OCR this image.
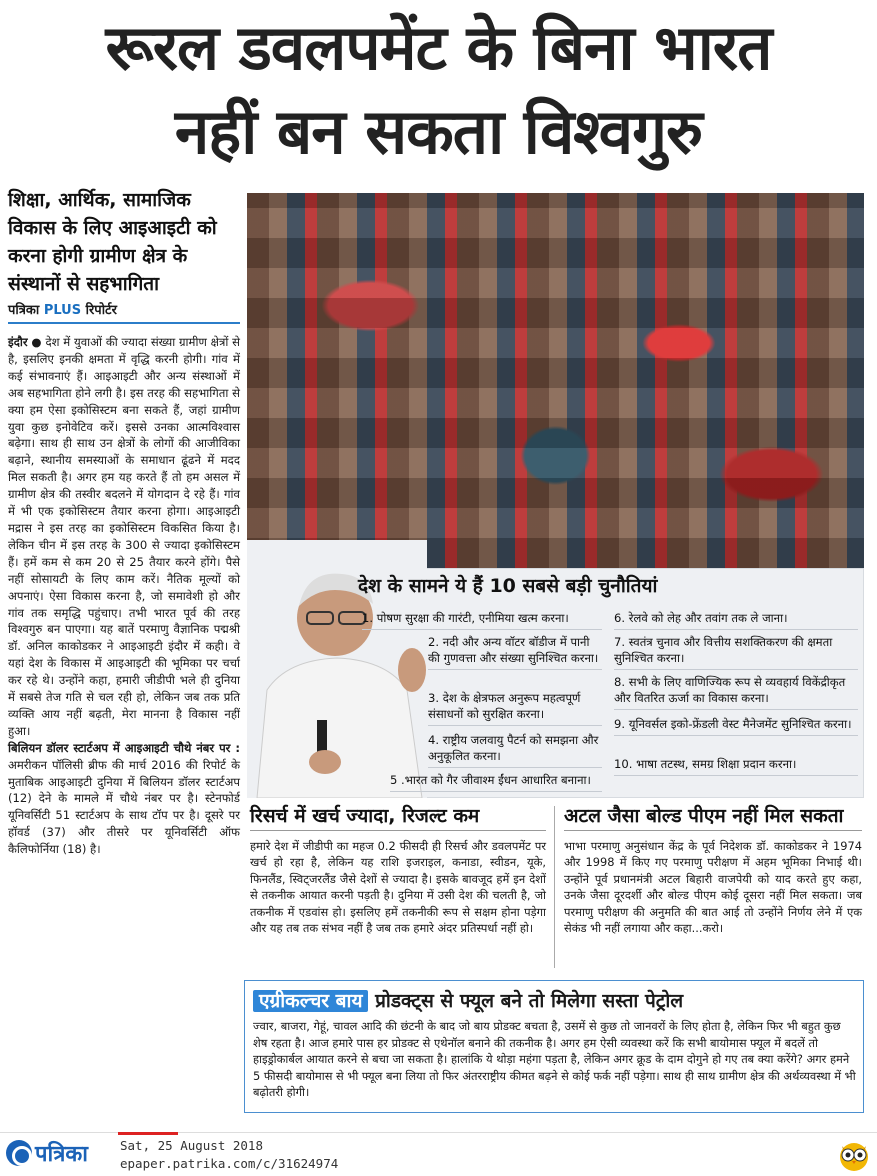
रूरल डवलपमेंट के बिना भारत
नहीं बन सकता विश्वगुरु
शिक्षा, आर्थिक, सामाजिक विकास के लिए आइआइटी को करना होगी ग्रामीण क्षेत्र के संस्थानों से सहभागिता
पत्रिका PLUS रिपोर्टर

इंदौर ● देश में युवाओं की ज्यादा संख्या ग्रामीण क्षेत्रों से है, इसलिए इनकी क्षमता में वृद्धि करनी होगी। गांव में कई संभावनाएं हैं। आइआइटी और अन्य संस्थाओं में अब सहभागिता होने लगी है। इस तरह की सहभागिता से क्या हम ऐसा इकोसिस्टम बना सकते हैं, जहां ग्रामीण युवा कुछ इनोवेटिव करें। इससे उनका आत्मविश्वास बढ़ेगा। साथ ही साथ उन क्षेत्रों के लोगों की आजीविका बढ़ाने, स्थानीय समस्याओं के समाधान ढूंढने में मदद मिल सकती है। अगर हम यह करते हैं तो हम असल में ग्रामीण क्षेत्र की तस्वीर बदलने में योगदान दे रहे हैं। गांव में भी एक इकोसिस्टम तैयार करना होगा। आइआइटी मद्रास ने इस तरह का इकोसिस्टम विकसित किया है। लेकिन चीन में इस तरह के 300 से ज्यादा इकोसिस्टम हैं। हमें कम से कम 20 से 25 तैयार करने होंगे। पैसे नहीं सोसायटी के लिए काम करें। नैतिक मूल्यों को अपनाएं। ऐसा विकास करना है, जो समावेशी हो और गांव तक समृद्धि पहुंचाए। तभी भारत पूर्व की तरह विश्वगुरु बन पाएगा। यह बातें परमाणु वैज्ञानिक पद्मश्री डॉ. अनिल काकोडकर ने आइआइटी इंदौर में कही। वे यहां देश के विकास में आइआइटी की भूमिका पर चर्चा कर रहे थे। उन्होंने कहा, हमारी जीडीपी भले ही दुनिया में सबसे तेज गति से चल रही हो, लेकिन जब तक प्रति व्यक्ति आय नहीं बढ़ती, मेरा मानना है विकास नहीं हुआ।

बिलियन डॉलर स्टार्टअप में आइआइटी चौथे नंबर पर : अमरीकन पॉलिसी ब्रीफ की मार्च 2016 की रिपोर्ट के मुताबिक आइआइटी दुनिया में बिलियन डॉलर स्टार्टअप (12) देने के मामले में चौथे नंबर पर है। स्टेनफोर्ड यूनिवर्सिटी 51 स्टार्टअप के साथ टॉप पर है। दूसरे पर हॉवर्ड (37) और तीसरे पर यूनिवर्सिटी ऑफ कैलिफोर्निया (18) है।

देश के सामने ये हैं 10 सबसे बड़ी चुनौतियां
1. पोषण सुरक्षा की गारंटी, एनीमिया खत्म करना।
2. नदी और अन्य वॉटर बॉडीज में पानी की गुणवत्ता और संख्या सुनिश्चित करना।
3. देश के क्षेत्रफल अनुरूप महत्वपूर्ण संसाधनों को सुरक्षित करना।
4. राष्ट्रीय जलवायु पैटर्न को समझना और अनुकूलित करना।
5 .भारत को गैर जीवाश्म ईंधन आधारित बनाना।
6. रेलवे को लेह और तवांग तक ले जाना।
7. स्वतंत्र चुनाव और वित्तीय सशक्तिकरण की क्षमता सुनिश्चित करना।
8. सभी के लिए वाणिज्यिक रूप से व्यवहार्य विकेंद्रीकृत और वितरित ऊर्जा का विकास करना।
9. यूनिवर्सल इको-फ्रेंडली वेस्ट मैनेजमेंट सुनिश्चित करना।
10. भाषा तटस्थ, समग्र शिक्षा प्रदान करना।
रिसर्च में खर्च ज्यादा, रिजल्ट कम
हमारे देश में जीडीपी का महज 0.2 फीसदी ही रिसर्च और डवलपमेंट पर खर्च हो रहा है, लेकिन यह राशि इजराइल, कनाडा, स्वीडन, यूके, फिनलैंड, स्विट्जरलैंड जैसे देशों से ज्यादा है। इसके बावजूद हमें इन देशों से तकनीक आयात करनी पड़ती है। दुनिया में उसी देश की चलती है, जो तकनीक में एडवांस हो। इसलिए हमें तकनीकी रूप से सक्षम होना पड़ेगा और यह तब तक संभव नहीं है जब तक हमारे अंदर प्रतिस्पर्धा नहीं हो।
अटल जैसा बोल्ड पीएम नहीं मिल सकता
भाभा परमाणु अनुसंधान केंद्र के पूर्व निदेशक डॉ. काकोडकर ने 1974 और 1998 में किए गए परमाणु परीक्षण में अहम भूमिका निभाई थी। उन्होंने पूर्व प्रधानमंत्री अटल बिहारी वाजपेयी को याद करते हुए कहा, उनके जैसा दूरदर्शी और बोल्ड पीएम कोई दूसरा नहीं मिल सकता। जब परमाणु परीक्षण की अनुमति की बात आई तो उन्होंने निर्णय लेने में एक सेकंड भी नहीं लगाया और कहा...करो।
एग्रीकल्चर बाय प्रोडक्ट्स से फ्यूल बने तो मिलेगा सस्ता पेट्रोल
ज्वार, बाजरा, गेहूं, चावल आदि की छंटनी के बाद जो बाय प्रोडक्ट बचता है, उसमें से कुछ तो जानवरों के लिए होता है, लेकिन फिर भी बहुत कुछ शेष रहता है। आज हमारे पास हर प्रोडक्ट से एथेनॉल बनाने की तकनीक है। अगर हम ऐसी व्यवस्था करें कि सभी बायोमास फ्यूल में बदलें तो हाइड्रोकार्बल आयात करने से बचा जा सकता है। हालांकि ये थोड़ा महंगा पड़ता है, लेकिन अगर क्रूड के दाम दोगुने हो गए तब क्या करेंगे? अगर हमने 5 फीसदी बायोमास से भी फ्यूल बना लिया तो फिर अंतरराष्ट्रीय कीमत बढ़ने से कोई फर्क नहीं पड़ेगा। साथ ही साथ ग्रामीण क्षेत्र की अर्थव्यवस्था में भी बढ़ोतरी होगी।
पत्रिका	Sat, 25 August 2018
epaper.patrika.com/c/31624974
